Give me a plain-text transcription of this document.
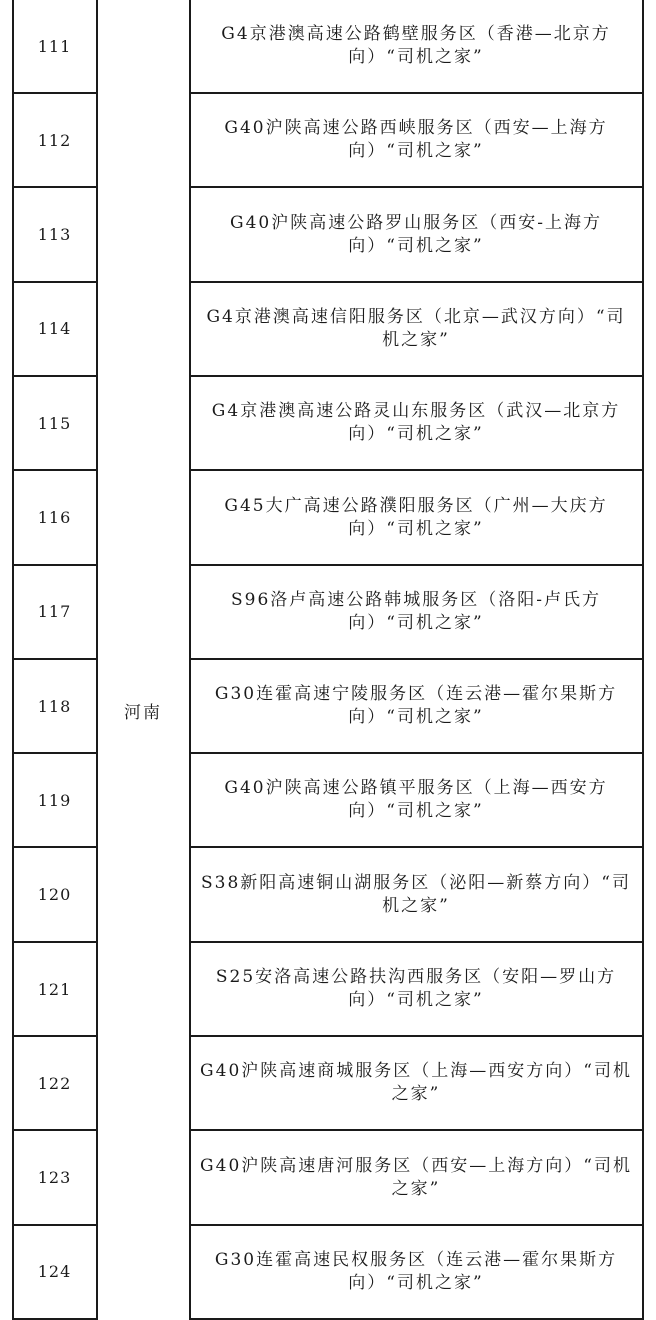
河南
111
G4京港澳高速公路鹤壁服务区（香港—北京方向）“司机之家”
112
G40沪陕高速公路西峡服务区（西安—上海方向）“司机之家”
113
G40沪陕高速公路罗山服务区（西安-上海方向）“司机之家”
114
G4京港澳高速信阳服务区（北京—武汉方向）“司机之家”
115
G4京港澳高速公路灵山东服务区（武汉—北京方向）“司机之家”
116
G45大广高速公路濮阳服务区（广州—大庆方向）“司机之家”
117
S96洛卢高速公路韩城服务区（洛阳-卢氏方向）“司机之家”
118
G30连霍高速宁陵服务区（连云港—霍尔果斯方向）“司机之家”
119
G40沪陕高速公路镇平服务区（上海—西安方向）“司机之家”
120
S38新阳高速铜山湖服务区（泌阳—新蔡方向）“司机之家”
121
S25安洛高速公路扶沟西服务区（安阳—罗山方向）“司机之家”
122
G40沪陕高速商城服务区（上海—西安方向）“司机之家”
123
G40沪陕高速唐河服务区（西安—上海方向）“司机之家”
124
G30连霍高速民权服务区（连云港—霍尔果斯方向）“司机之家”
